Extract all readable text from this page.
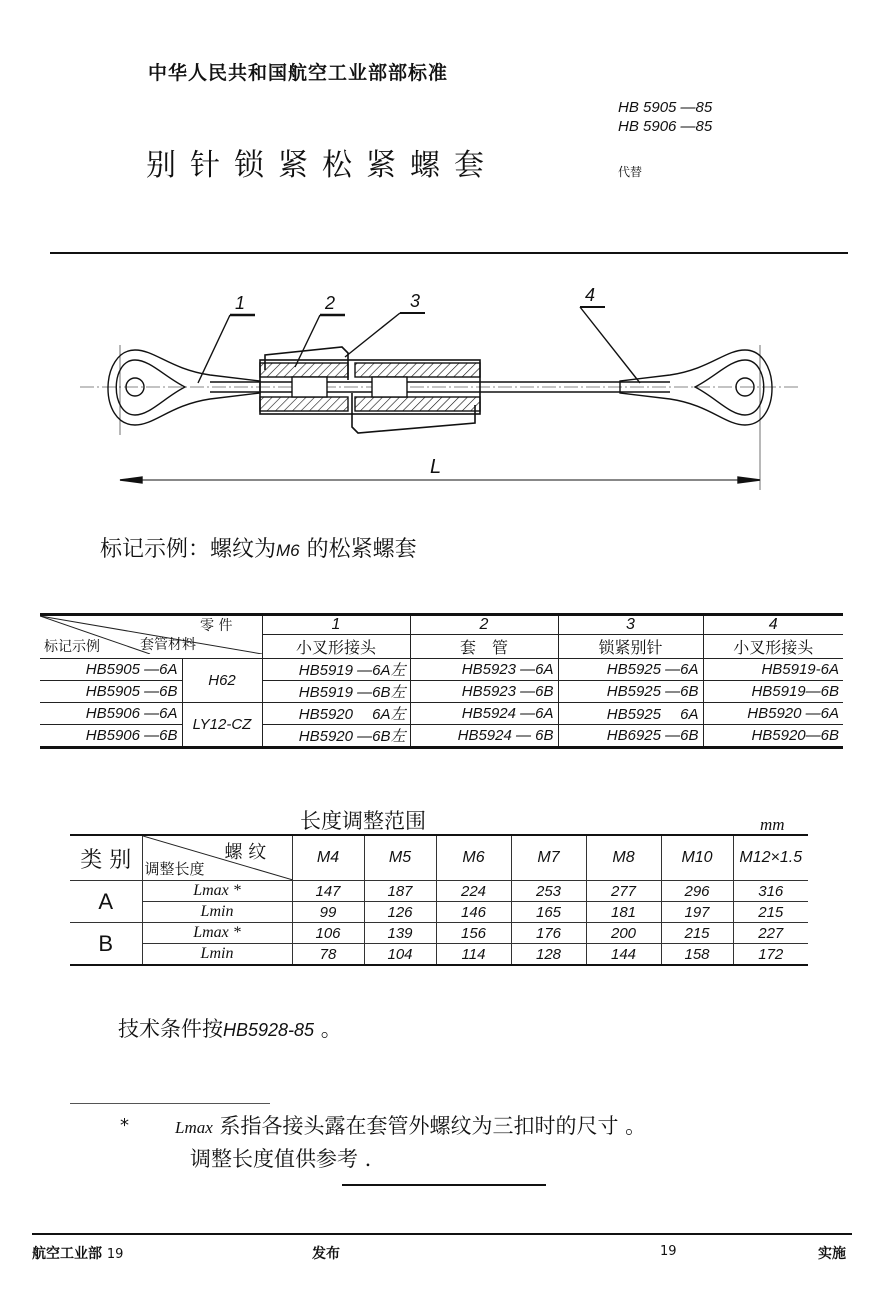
中华人民共和国航空工业部部标准
别针锁紧松紧螺套
HB 5905 —85
HB 5906 —85
代替
1	2	3	4
L
标记示例：螺纹为M6 的松紧螺套
零 件
套管材料
标记示例		1	2	3	4
		小叉形接头	套　管	锁紧别针	小叉形接头
HB5905 —6A	H62	HB5919 —6A左	HB5923 —6A	HB5925 —6A	HB5919-6A
HB5905 —6B		HB5919 —6B左	HB5923 —6B	HB5925 —6B	HB5919—6B
HB5906 —6A	LY12-CZ	HB5920 　6A左	HB5924 —6A	HB5925 　6A	HB5920 —6A
HB5906 —6B		HB5920 —6B左	HB5924 — 6B	HB6925 —6B	HB5920—6B
长度调整范围	mm
类 别	螺 纹
调整长度	M4	M5	M6	M7	M8	M10	M12×1.5
A	Lmax *	147	187	224	253	277	296	316
	Lmin	99	126	146	165	181	197	215
B	Lmax *	106	139	156	176	200	215	227
	Lmin	78	104	114	128	144	158	172
技术条件按HB5928-85 。
*	Lmax 系指各接头露在套管外螺纹为三扣时的尺寸 。
调整长度值供参考 .
航空工业部 19	发布	19	实施
